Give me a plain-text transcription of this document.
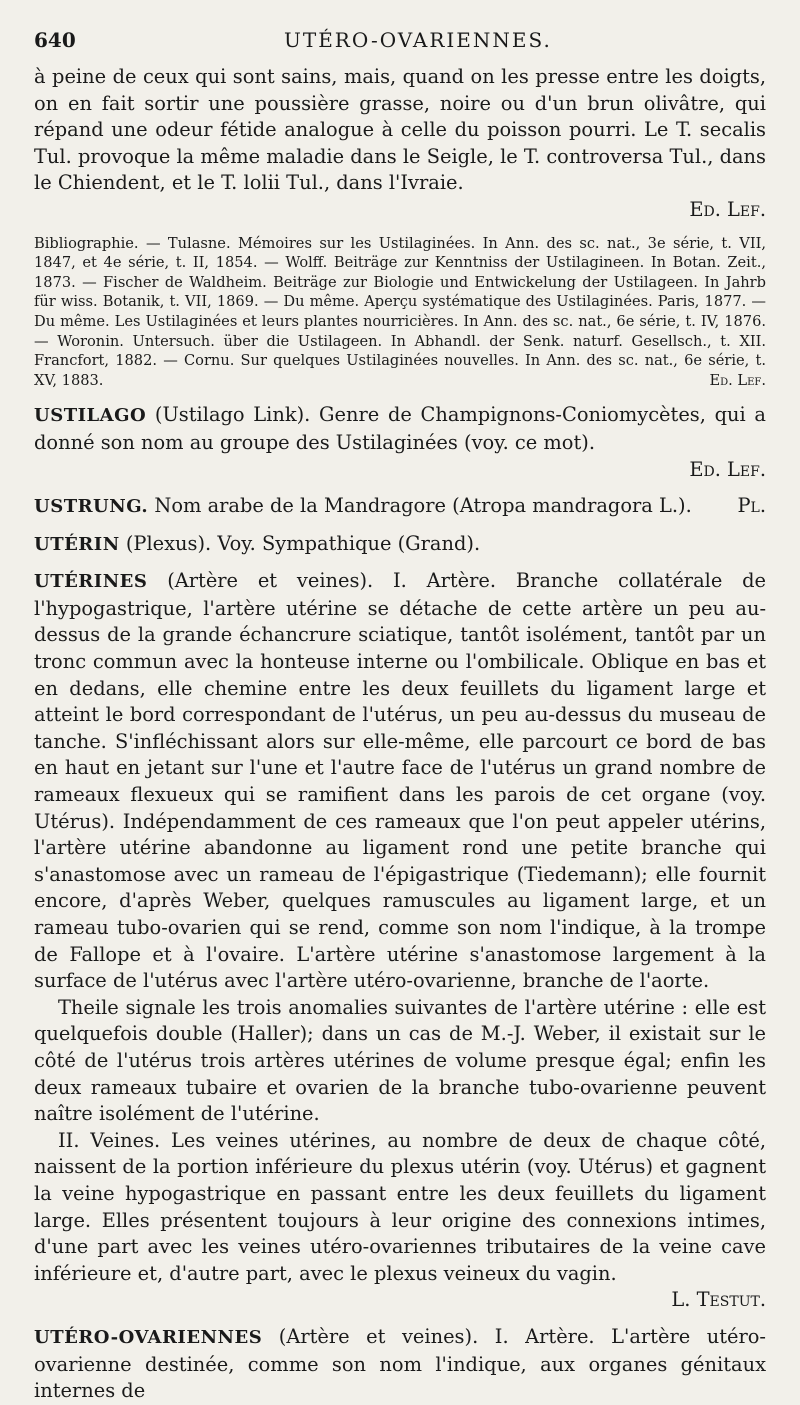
640	UTÉRO-OVARIENNES.

à peine de ceux qui sont sains, mais, quand on les presse entre les doigts, on en fait sortir une poussière grasse, noire ou d'un brun olivâtre, qui répand une odeur fétide analogue à celle du poisson pourri. Le T. secalis Tul. provoque la même maladie dans le Seigle, le T. controversa Tul., dans le Chiendent, et le T. lolii Tul., dans l'Ivraie.
Ed. Lef.

Bibliographie. — Tulasne. Mémoires sur les Ustilaginées. In Ann. des sc. nat., 3e série, t. VII, 1847, et 4e série, t. II, 1854. — Wolff. Beiträge zur Kenntniss der Ustilagineen. In Botan. Zeit., 1873. — Fischer de Waldheim. Beiträge zur Biologie und Entwickelung der Ustilageen. In Jahrb für wiss. Botanik, t. VII, 1869. — Du même. Aperçu systématique des Ustilaginées. Paris, 1877. — Du même. Les Ustilaginées et leurs plantes nourricières. In Ann. des sc. nat., 6e série, t. IV, 1876. — Woronin. Untersuch. über die Ustilageen. In Abhandl. der Senk. naturf. Gesellsch., t. XII. Francfort, 1882. — Cornu. Sur quelques Ustilaginées nouvelles. In Ann. des sc. nat., 6e série, t. XV, 1883.	Ed. Lef.

USTILAGO (Ustilago Link). Genre de Champignons-Coniomycètes, qui a donné son nom au groupe des Ustilaginées (voy. ce mot).
Ed. Lef.

USTRUNG. Nom arabe de la Mandragore (Atropa mandragora L.). Pl.

UTÉRIN (Plexus). Voy. Sympathique (Grand).

UTÉRINES (Artère et veines). I. Artère. Branche collatérale de l'hypogastrique, l'artère utérine se détache de cette artère un peu au-dessus de la grande échancrure sciatique, tantôt isolément, tantôt par un tronc commun avec la honteuse interne ou l'ombilicale. Oblique en bas et en dedans, elle chemine entre les deux feuillets du ligament large et atteint le bord correspondant de l'utérus, un peu au-dessus du museau de tanche. S'infléchissant alors sur elle-même, elle parcourt ce bord de bas en haut en jetant sur l'une et l'autre face de l'utérus un grand nombre de rameaux flexueux qui se ramifient dans les parois de cet organe (voy. Utérus). Indépendamment de ces rameaux que l'on peut appeler utérins, l'artère utérine abandonne au ligament rond une petite branche qui s'anastomose avec un rameau de l'épigastrique (Tiedemann); elle fournit encore, d'après Weber, quelques ramuscules au ligament large, et un rameau tubo-ovarien qui se rend, comme son nom l'indique, à la trompe de Fallope et à l'ovaire. L'artère utérine s'anastomose largement à la surface de l'utérus avec l'artère utéro-ovarienne, branche de l'aorte.

Theile signale les trois anomalies suivantes de l'artère utérine : elle est quelquefois double (Haller); dans un cas de M.-J. Weber, il existait sur le côté de l'utérus trois artères utérines de volume presque égal; enfin les deux rameaux tubaire et ovarien de la branche tubo-ovarienne peuvent naître isolément de l'utérine.

II. Veines. Les veines utérines, au nombre de deux de chaque côté, naissent de la portion inférieure du plexus utérin (voy. Utérus) et gagnent la veine hypogastrique en passant entre les deux feuillets du ligament large. Elles présentent toujours à leur origine des connexions intimes, d'une part avec les veines utéro-ovariennes tributaires de la veine cave inférieure et, d'autre part, avec le plexus veineux du vagin.
L. Testut.

UTÉRO-OVARIENNES (Artère et veines). I. Artère. L'artère utéro-ovarienne destinée, comme son nom l'indique, aux organes génitaux internes de
